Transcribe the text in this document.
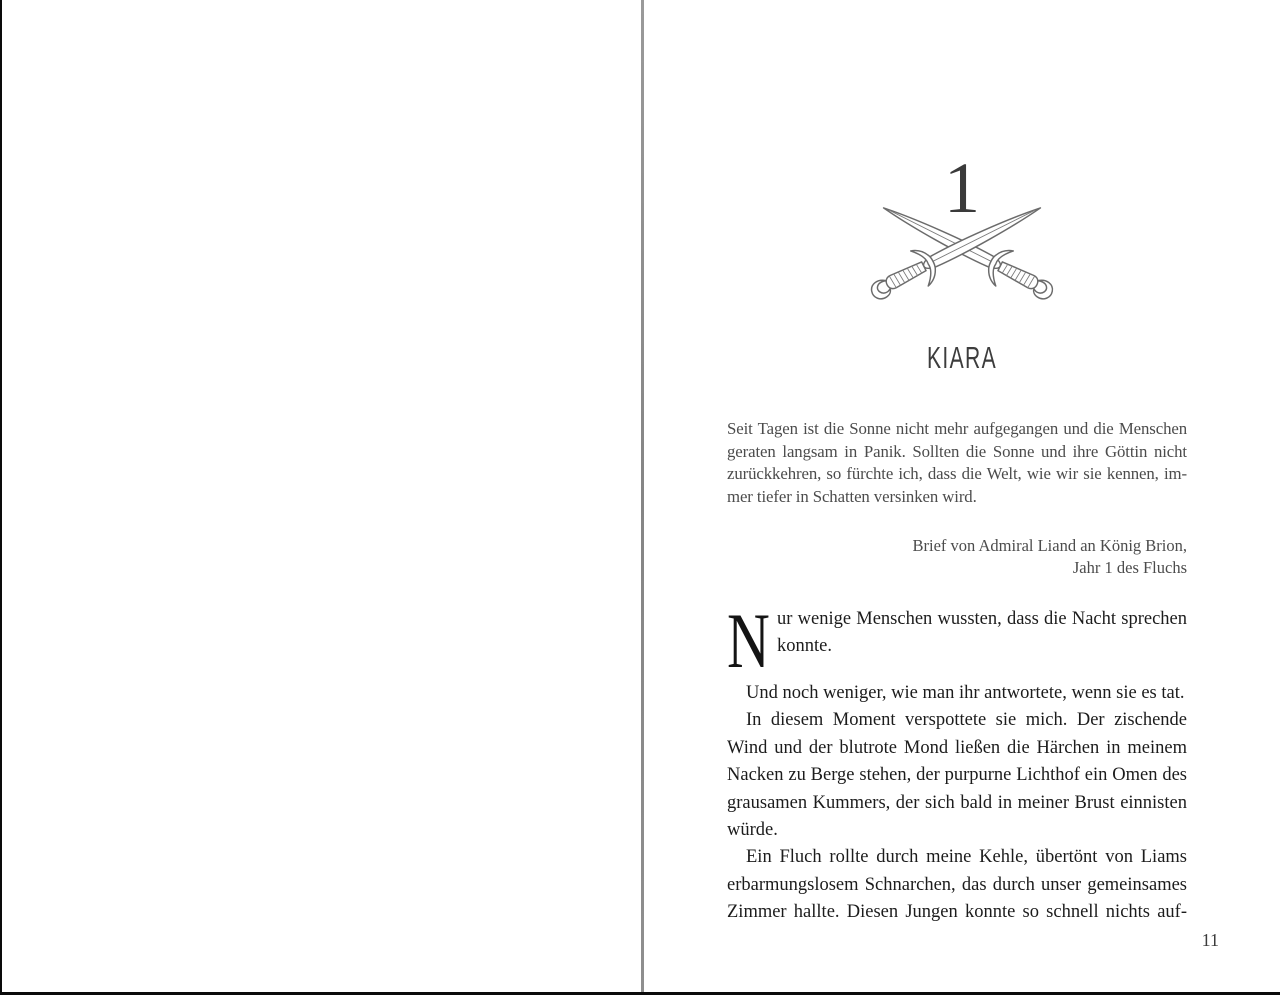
1
KIARA
Seit Tagen ist die Sonne nicht mehr aufgegangen und die Menschen
geraten langsam in Panik. Sollten die Sonne und ihre Göttin nicht
zurückkehren, so fürchte ich, dass die Welt, wie wir sie kennen, im-
mer tiefer in Schatten versinken wird.
Brief von Admiral Liand an König Brion,
Jahr 1 des Fluchs
N ur wenige Menschen wussten, dass die Nacht sprechen
konnte.
Und noch weniger, wie man ihr antwortete, wenn sie es tat.
In diesem Moment verspottete sie mich. Der zischende
Wind und der blutrote Mond ließen die Härchen in meinem
Nacken zu Berge stehen, der purpurne Lichthof ein Omen des
grausamen Kummers, der sich bald in meiner Brust einnisten
würde.
Ein Fluch rollte durch meine Kehle, übertönt von Liams
erbarmungslosem Schnarchen, das durch unser gemeinsames
Zimmer hallte. Diesen Jungen konnte so schnell nichts auf-
11
